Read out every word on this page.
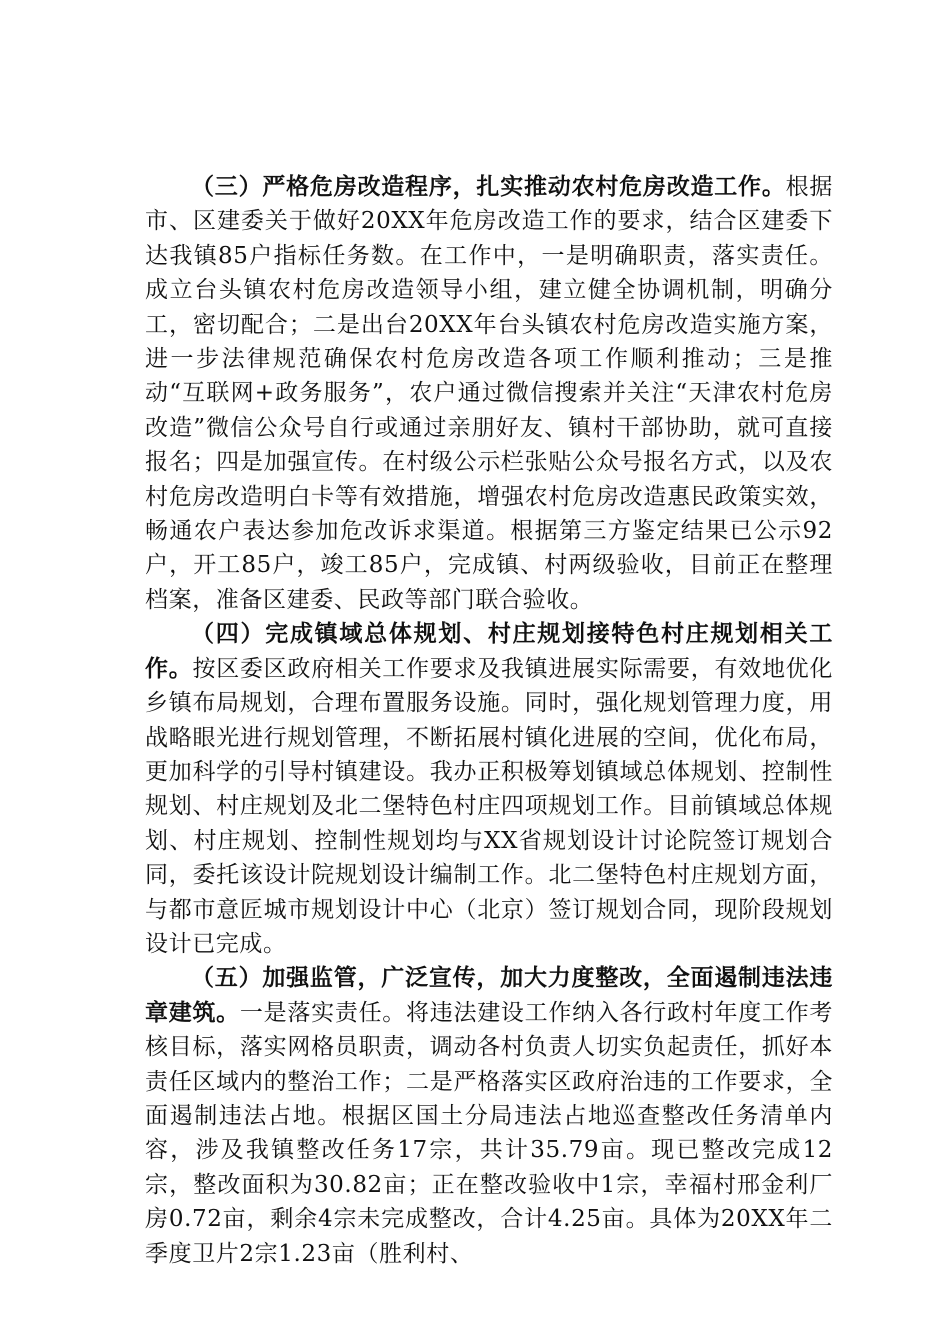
（三）严格危房改造程序，扎实推动农村危房改造工作。根据市、区建委关于做好20XX年危房改造工作的要求，结合区建委下达我镇85户指标任务数。在工作中，一是明确职责，落实责任。成立台头镇农村危房改造领导小组，建立健全协调机制，明确分工，密切配合；二是出台20XX年台头镇农村危房改造实施方案，进一步法律规范确保农村危房改造各项工作顺利推动；三是推动“互联网+政务服务”，农户通过微信搜索并关注“天津农村危房改造”微信公众号自行或通过亲朋好友、镇村干部协助，就可直接报名；四是加强宣传。在村级公示栏张贴公众号报名方式，以及农村危房改造明白卡等有效措施，增强农村危房改造惠民政策实效，畅通农户表达参加危改诉求渠道。根据第三方鉴定结果已公示92户，开工85户，竣工85户，完成镇、村两级验收，目前正在整理档案，准备区建委、民政等部门联合验收。

（四）完成镇域总体规划、村庄规划接特色村庄规划相关工作。按区委区政府相关工作要求及我镇进展实际需要，有效地优化乡镇布局规划，合理布置服务设施。同时，强化规划管理力度，用战略眼光进行规划管理，不断拓展村镇化进展的空间，优化布局，更加科学的引导村镇建设。我办正积极筹划镇域总体规划、控制性规划、村庄规划及北二堡特色村庄四项规划工作。目前镇域总体规划、村庄规划、控制性规划均与XX省规划设计讨论院签订规划合同，委托该设计院规划设计编制工作。北二堡特色村庄规划方面，与都市意匠城市规划设计中心（北京）签订规划合同，现阶段规划设计已完成。

（五）加强监管，广泛宣传，加大力度整改，全面遏制违法违章建筑。一是落实责任。将违法建设工作纳入各行政村年度工作考核目标，落实网格员职责，调动各村负责人切实负起责任，抓好本责任区域内的整治工作；二是严格落实区政府治违的工作要求，全面遏制违法占地。根据区国土分局违法占地巡查整改任务清单内容，涉及我镇整改任务17宗，共计35.79亩。现已整改完成12宗，整改面积为30.82亩；正在整改验收中1宗，幸福村邢金利厂房0.72亩，剩余4宗未完成整改，合计4.25亩。具体为20XX年二季度卫片2宗1.23亩（胜利村、
